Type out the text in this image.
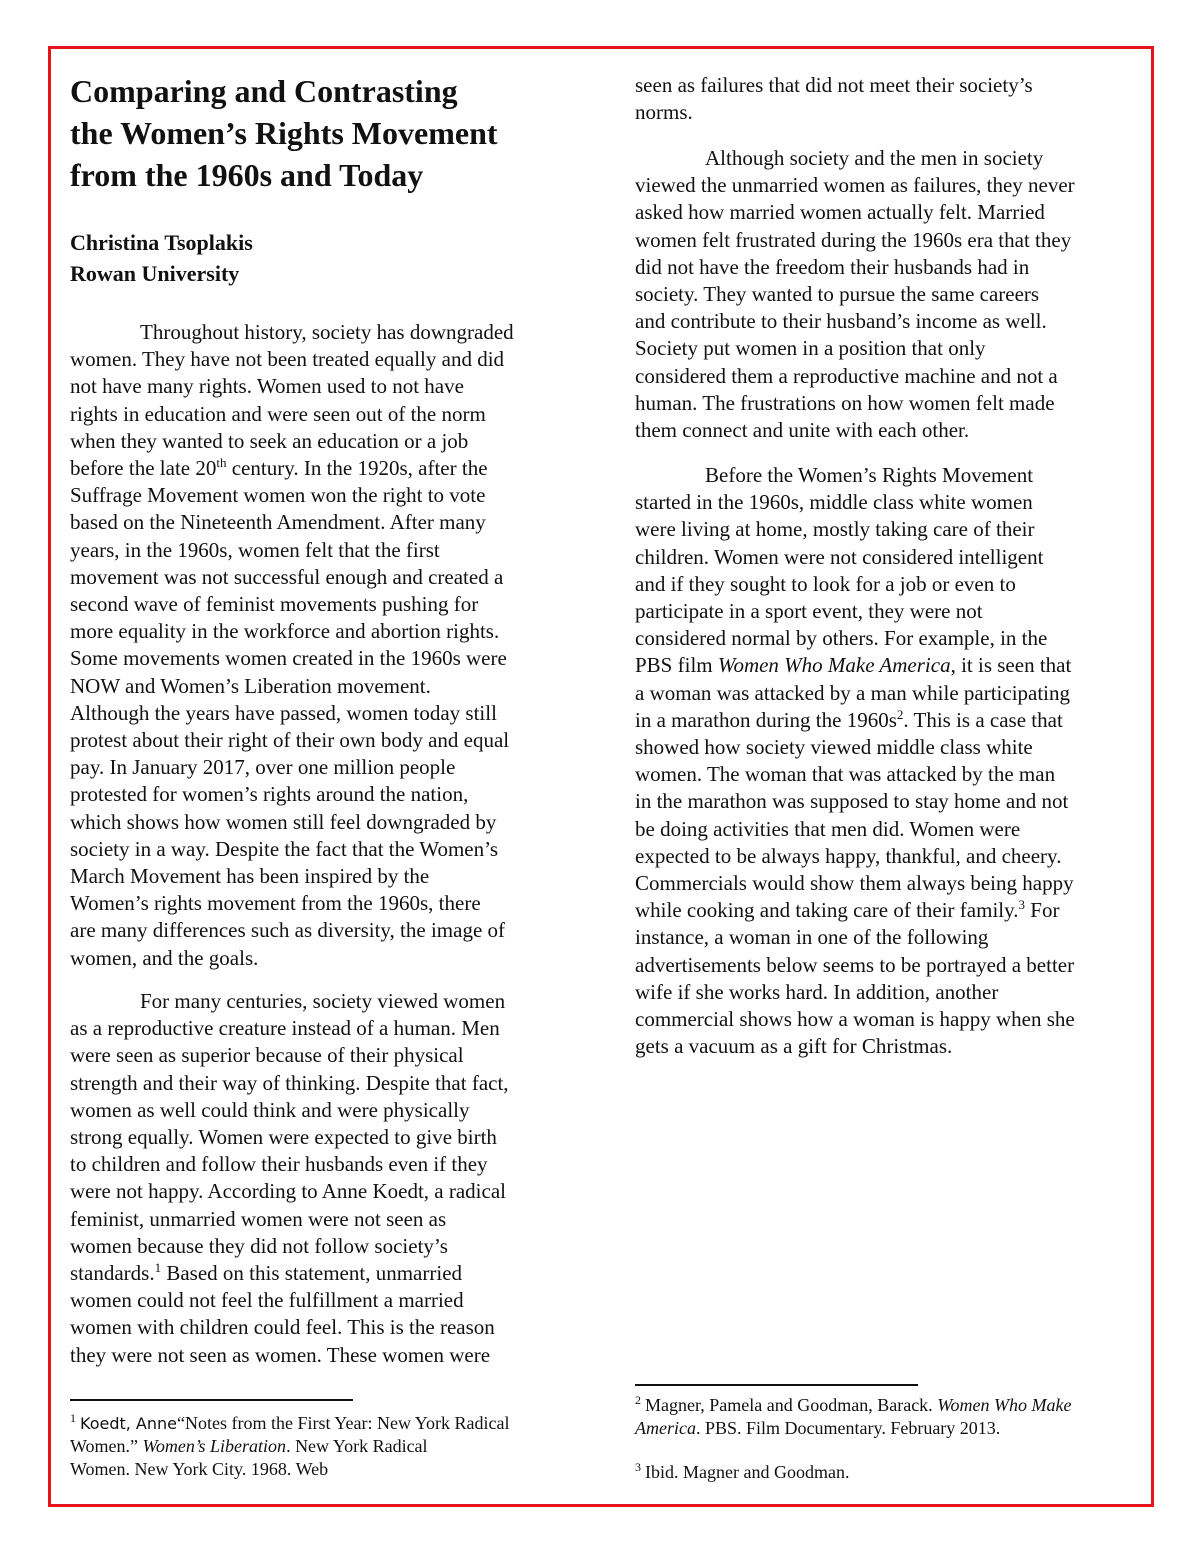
Comparing and Contrasting
the Women’s Rights Movement
from the 1960s and Today
Christina Tsoplakis
Rowan University
Throughout history, society has downgraded
women. They have not been treated equally and did
not have many rights. Women used to not have
rights in education and were seen out of the norm
when they wanted to seek an education or a job
before the late 20th century. In the 1920s, after the
Suffrage Movement women won the right to vote
based on the Nineteenth Amendment. After many
years, in the 1960s, women felt that the first
movement was not successful enough and created a
second wave of feminist movements pushing for
more equality in the workforce and abortion rights.
Some movements women created in the 1960s were
NOW and Women’s Liberation movement.
Although the years have passed, women today still
protest about their right of their own body and equal
pay. In January 2017, over one million people
protested for women’s rights around the nation,
which shows how women still feel downgraded by
society in a way. Despite the fact that the Women’s
March Movement has been inspired by the
Women’s rights movement from the 1960s, there
are many differences such as diversity, the image of
women, and the goals.
For many centuries, society viewed women
as a reproductive creature instead of a human. Men
were seen as superior because of their physical
strength and their way of thinking. Despite that fact,
women as well could think and were physically
strong equally. Women were expected to give birth
to children and follow their husbands even if they
were not happy. According to Anne Koedt, a radical
feminist, unmarried women were not seen as
women because they did not follow society’s
standards.$^1$ Based on this statement, unmarried
women could not feel the fulfillment a married
women with children could feel. This is the reason
they were not seen as women. These women were
$^1$ Koedt, Anne“Notes from the First Year: New York Radical
Women.” Women’s Liberation. New York Radical
Women. New York City. 1968. Web
seen as failures that did not meet their society’s
norms.
Although society and the men in society
viewed the unmarried women as failures, they never
asked how married women actually felt. Married
women felt frustrated during the 1960s era that they
did not have the freedom their husbands had in
society. They wanted to pursue the same careers
and contribute to their husband’s income as well.
Society put women in a position that only
considered them a reproductive machine and not a
human. The frustrations on how women felt made
them connect and unite with each other.
Before the Women’s Rights Movement
started in the 1960s, middle class white women
were living at home, mostly taking care of their
children. Women were not considered intelligent
and if they sought to look for a job or even to
participate in a sport event, they were not
considered normal by others. For example, in the
PBS film Women Who Make America, it is seen that
a woman was attacked by a man while participating
in a marathon during the 1960s$^2$. This is a case that
showed how society viewed middle class white
women. The woman that was attacked by the man
in the marathon was supposed to stay home and not
be doing activities that men did. Women were
expected to be always happy, thankful, and cheery.
Commercials would show them always being happy
while cooking and taking care of their family.$^3$ For
instance, a woman in one of the following
advertisements below seems to be portrayed a better
wife if she works hard. In addition, another
commercial shows how a woman is happy when she
gets a vacuum as a gift for Christmas.
$^2$ Magner, Pamela and Goodman, Barack. Women Who Make
America. PBS. Film Documentary. February 2013.
$^3$ Ibid. Magner and Goodman.
